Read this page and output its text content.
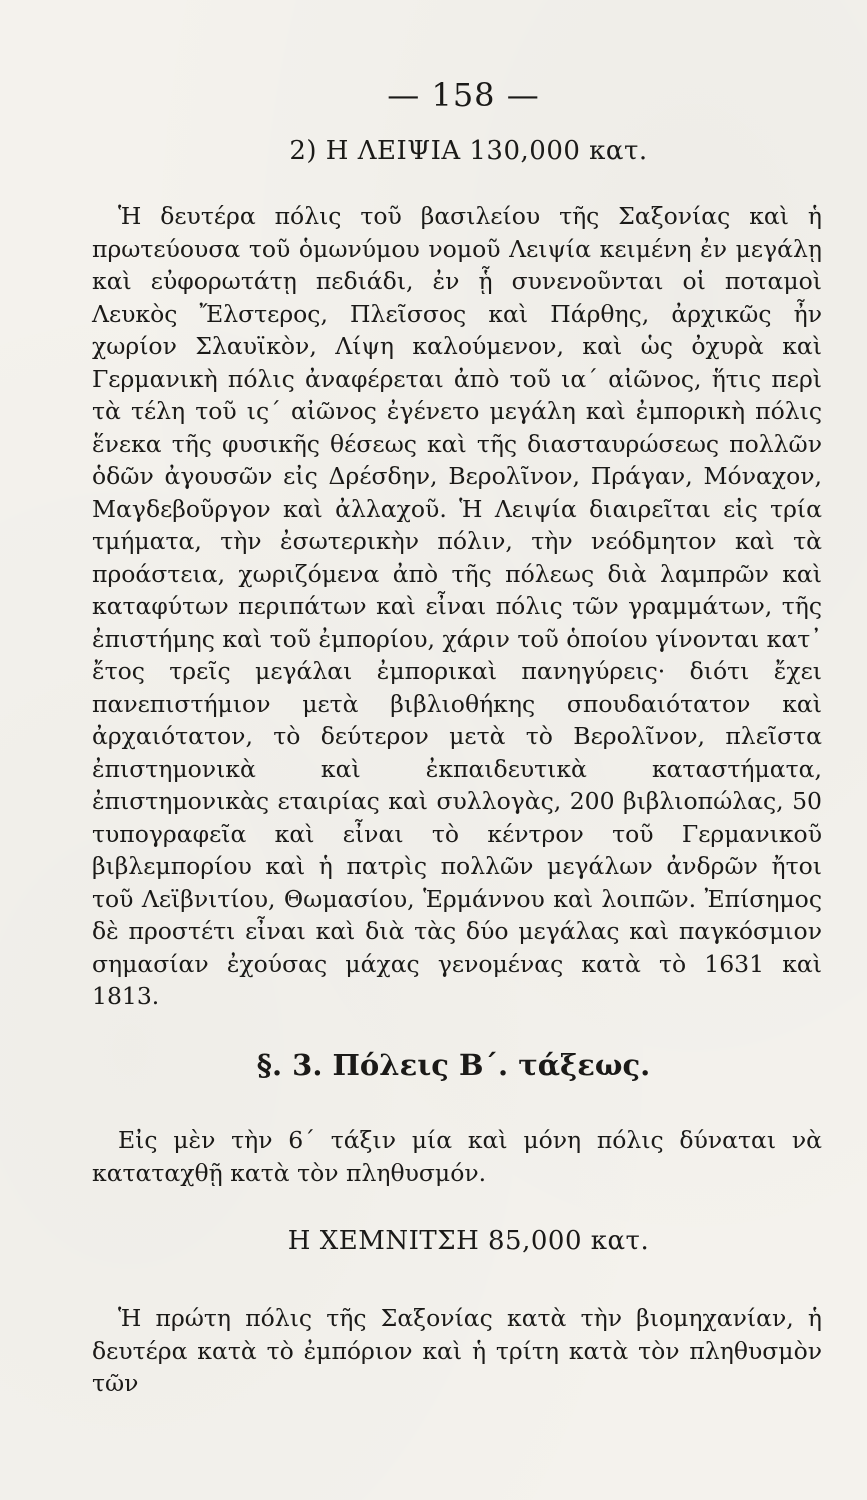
— 158 —
2) Η ΛΕΙΨΙΑ 130,000 κατ.

Ἡ δευτέρα πόλις τοῦ βασιλείου τῆς Σαξονίας καὶ ἡ πρωτεύουσα τοῦ ὁμωνύμου νομοῦ Λειψία κειμένη ἐν μεγάλῃ καὶ εὐφορωτάτῃ πεδιάδι, ἐν ᾗ συνενοῦνται οἱ ποταμοὶ Λευκὸς Ἔλστερος, Πλεῖσσος καὶ Πάρθης, ἀρχικῶς ἦν χωρίον Σλαυϊκὸν, Λίψη καλούμενον, καὶ ὡς ὀχυρὰ καὶ Γερμανικὴ πόλις ἀναφέρεται ἀπὸ τοῦ ια΄ αἰῶνος, ἥτις περὶ τὰ τέλη τοῦ ις΄ αἰῶνος ἐγένετο μεγάλη καὶ ἐμπορικὴ πόλις ἕνεκα τῆς φυσικῆς θέσεως καὶ τῆς διασταυρώσεως πολλῶν ὁδῶν ἀγουσῶν εἰς Δρέσδην, Βερολῖνον, Πράγαν, Μόναχον, Μαγδεβοῦργον καὶ ἀλλαχοῦ. Ἡ Λειψία διαιρεῖται εἰς τρία τμήματα, τὴν ἐσωτερικὴν πόλιν, τὴν νεόδμητον καὶ τὰ προάστεια, χωριζόμενα ἀπὸ τῆς πόλεως διὰ λαμπρῶν καὶ καταφύτων περιπάτων καὶ εἶναι πόλις τῶν γραμμάτων, τῆς ἐπιστήμης καὶ τοῦ ἐμπορίου, χάριν τοῦ ὁποίου γίνονται κατ᾽ ἔτος τρεῖς μεγάλαι ἐμπορικαὶ πανηγύρεις· διότι ἔχει πανεπιστήμιον μετὰ βιβλιοθήκης σπουδαιότατον καὶ ἀρχαιότατον, τὸ δεύτερον μετὰ τὸ Βερολῖνον, πλεῖστα ἐπιστημονικὰ καὶ ἐκπαιδευτικὰ καταστήματα, ἐπιστημονικὰς εταιρίας καὶ συλλογὰς, 200 βιβλιοπώλας, 50 τυπογραφεῖα καὶ εἶναι τὸ κέντρον τοῦ Γερμανικοῦ βιβλεμπορίου καὶ ἡ πατρὶς πολλῶν μεγάλων ἀνδρῶν ἤτοι τοῦ Λεϊβνιτίου, Θωμασίου, Ἑρμάννου καὶ λοιπῶν. Ἐπίσημος δὲ προστέτι εἶναι καὶ διὰ τὰς δύο μεγάλας καὶ παγκόσμιον σημασίαν ἐχούσας μάχας γενομένας κατὰ τὸ 1631 καὶ 1813.

§. 3. Πόλεις Β΄. τάξεως.

Εἰς μὲν τὴν 6΄ τάξιν μία καὶ μόνη πόλις δύναται νὰ καταταχθῇ κατὰ τὸν πληθυσμόν.

Η ΧΕΜΝΙΤΣΗ 85,000 κατ.

Ἡ πρώτη πόλις τῆς Σαξονίας κατὰ τὴν βιομηχανίαν, ἡ δευτέρα κατὰ τὸ ἐμπόριον καὶ ἡ τρίτη κατὰ τὸν πληθυσμὸν τῶν
